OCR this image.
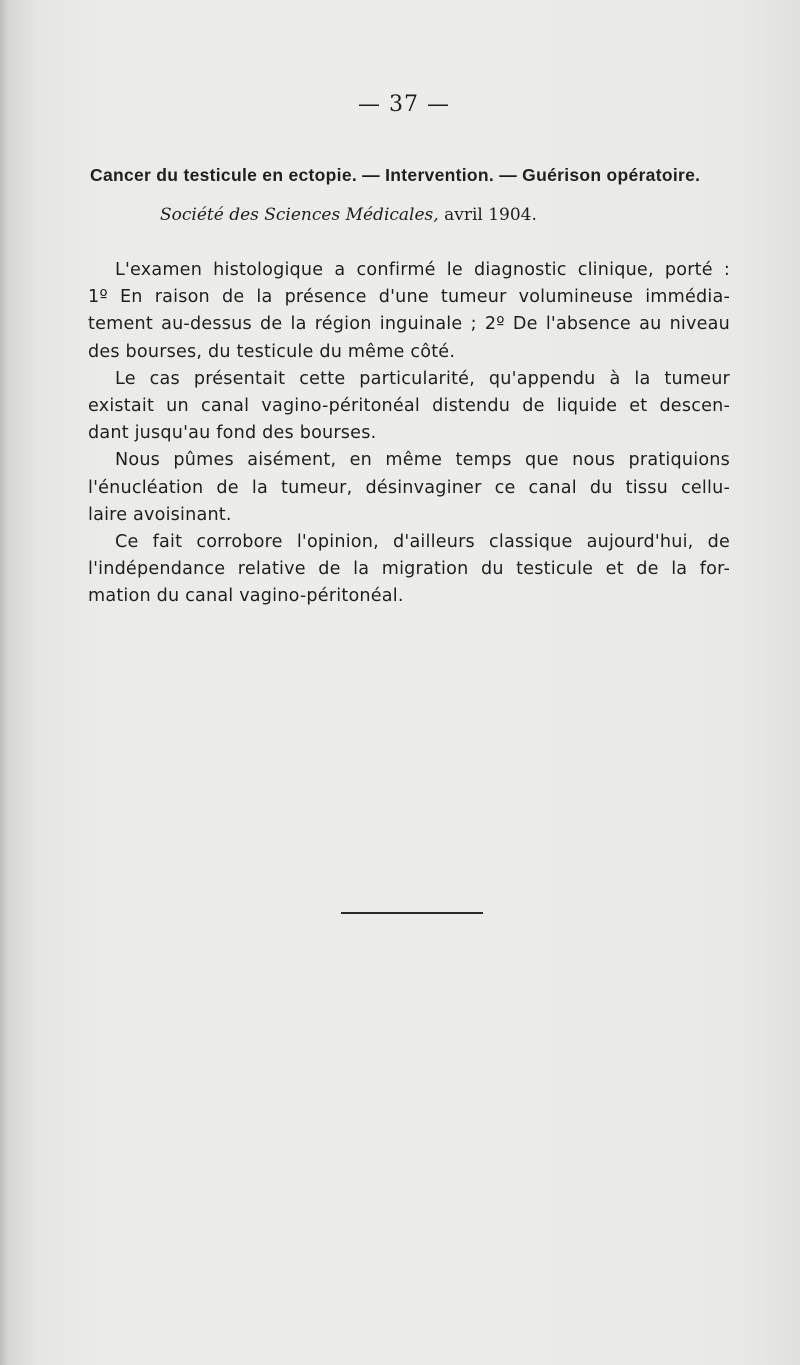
— 37 —
Cancer du testicule en ectopie. — Intervention. — Guérison opératoire.
Société des Sciences Médicales, avril 1904.
L'examen histologique a confirmé le diagnostic clinique, porté :
1º En raison de la présence d'une tumeur volumineuse immédia-
tement au-dessus de la région inguinale ; 2º De l'absence au niveau
des bourses, du testicule du même côté.
Le cas présentait cette particularité, qu'appendu à la tumeur
existait un canal vagino-péritonéal distendu de liquide et descen-
dant jusqu'au fond des bourses.
Nous pûmes aisément, en même temps que nous pratiquions
l'énucléation de la tumeur, désinvaginer ce canal du tissu cellu-
laire avoisinant.
Ce fait corrobore l'opinion, d'ailleurs classique aujourd'hui, de
l'indépendance relative de la migration du testicule et de la for-
mation du canal vagino-péritonéal.
